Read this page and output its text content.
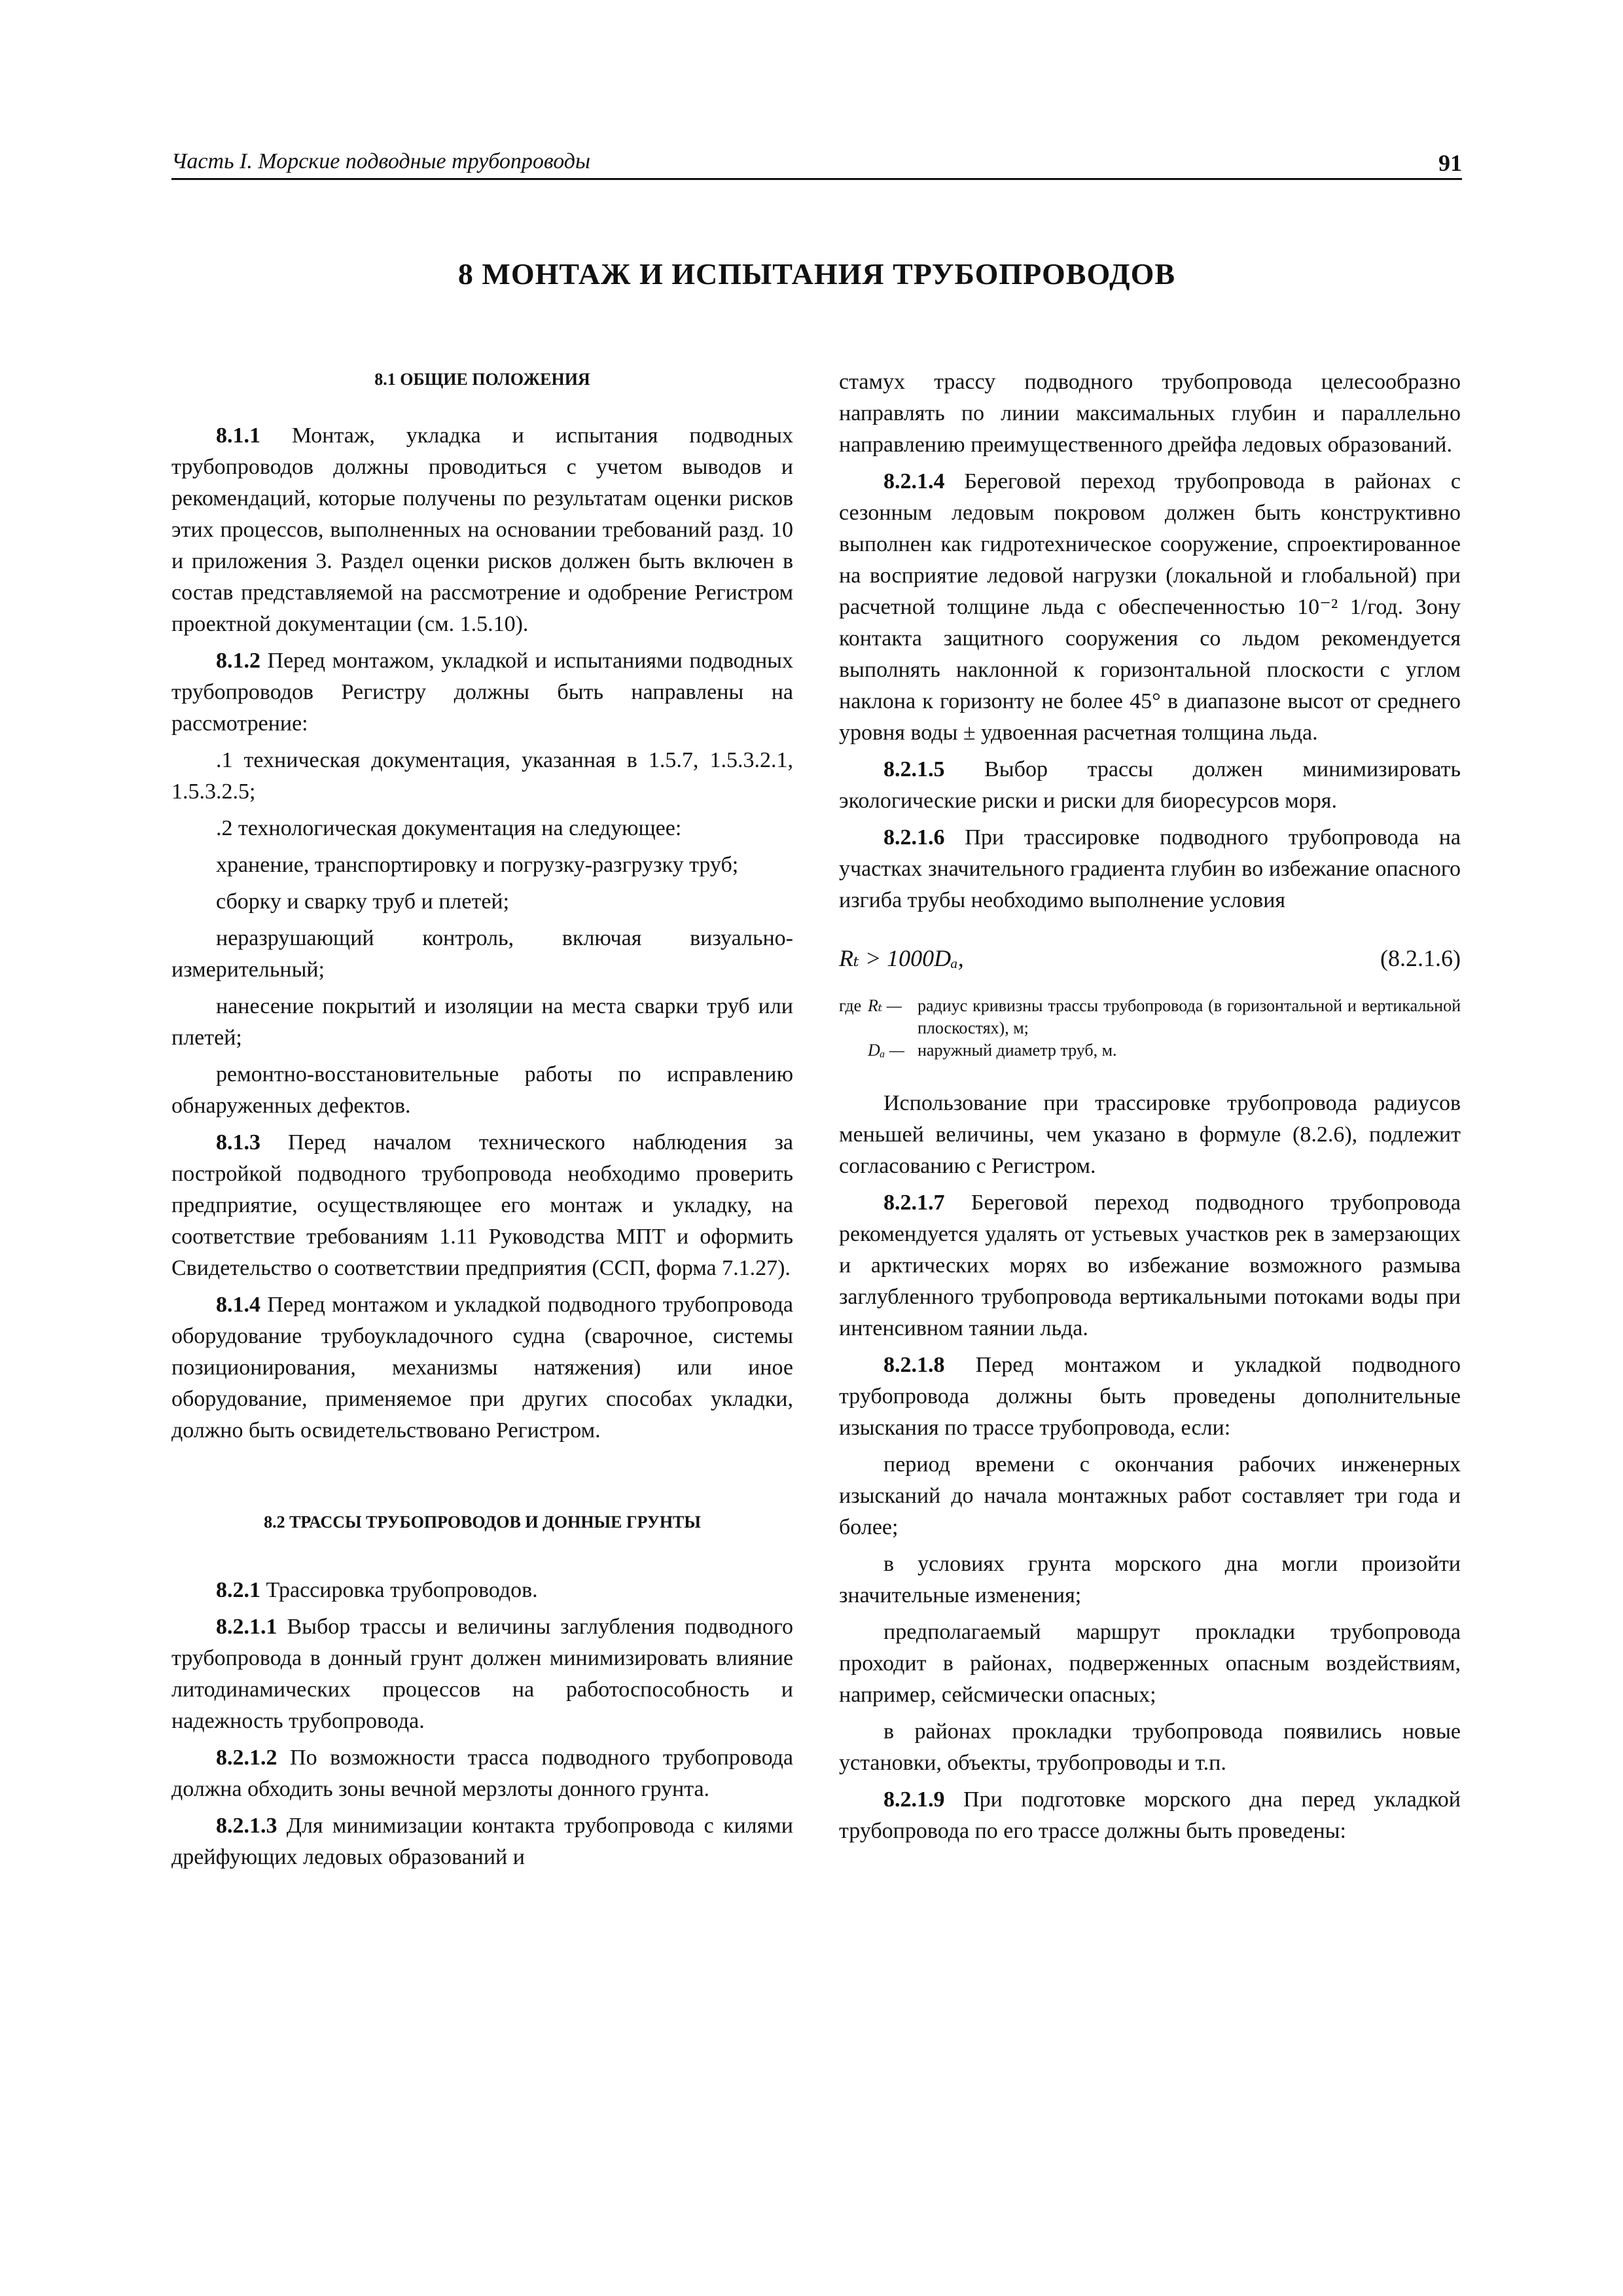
Часть I. Морские подводные трубопроводы	91
8 МОНТАЖ И ИСПЫТАНИЯ ТРУБОПРОВОДОВ

8.1 ОБЩИЕ ПОЛОЖЕНИЯ

8.1.1 Монтаж, укладка и испытания подводных трубопроводов должны проводиться с учетом выводов и рекомендаций, которые получены по результатам оценки рисков этих процессов, выполненных на основании требований разд. 10 и приложения 3. Раздел оценки рисков должен быть включен в состав представляемой на рассмотрение и одобрение Регистром проектной документации (см. 1.5.10).

8.1.2 Перед монтажом, укладкой и испытаниями подводных трубопроводов Регистру должны быть направлены на рассмотрение:

.1 техническая документация, указанная в 1.5.7, 1.5.3.2.1, 1.5.3.2.5;

.2 технологическая документация на следующее:

хранение, транспортировку и погрузку-разгрузку труб;

сборку и сварку труб и плетей;

неразрушающий контроль, включая визуально-измерительный;

нанесение покрытий и изоляции на места сварки труб или плетей;

ремонтно-восстановительные работы по исправлению обнаруженных дефектов.

8.1.3 Перед началом технического наблюдения за постройкой подводного трубопровода необходимо проверить предприятие, осуществляющее его монтаж и укладку, на соответствие требованиям 1.11 Руководства МПТ и оформить Свидетельство о соответствии предприятия (ССП, форма 7.1.27).

8.1.4 Перед монтажом и укладкой подводного трубопровода оборудование трубоукладочного судна (сварочное, системы позиционирования, механизмы натяжения) или иное оборудование, применяемое при других способах укладки, должно быть освидетельствовано Регистром.

8.2 ТРАССЫ ТРУБОПРОВОДОВ И ДОННЫЕ ГРУНТЫ

8.2.1 Трассировка трубопроводов.

8.2.1.1 Выбор трассы и величины заглубления подводного трубопровода в донный грунт должен минимизировать влияние литодинамических процессов на работоспособность и надежность трубопровода.

8.2.1.2 По возможности трасса подводного трубопровода должна обходить зоны вечной мерзлоты донного грунта.

8.2.1.3 Для минимизации контакта трубопровода с килями дрейфующих ледовых образований и

стамух трассу подводного трубопровода целесообразно направлять по линии максимальных глубин и параллельно направлению преимущественного дрейфа ледовых образований.

8.2.1.4 Береговой переход трубопровода в районах с сезонным ледовым покровом должен быть конструктивно выполнен как гидротехническое сооружение, спроектированное на восприятие ледовой нагрузки (локальной и глобальной) при расчетной толщине льда с обеспеченностью 10⁻² 1/год. Зону контакта защитного сооружения со льдом рекомендуется выполнять наклонной к горизонтальной плоскости с углом наклона к горизонту не более 45° в диапазоне высот от среднего уровня воды ± удвоенная расчетная толщина льда.

8.2.1.5 Выбор трассы должен минимизировать экологические риски и риски для биоресурсов моря.

8.2.1.6 При трассировке подводного трубопровода на участках значительного градиента глубин во избежание опасного изгиба трубы необходимо выполнение условия

Rₜ > 1000Dₐ,	(8.2.1.6)
где Rₜ — радиус кривизны трассы трубопровода (в горизонтальной и вертикальной плоскостях), м;
Dₐ — наружный диаметр труб, м.

Использование при трассировке трубопровода радиусов меньшей величины, чем указано в формуле (8.2.6), подлежит согласованию с Регистром.

8.2.1.7 Береговой переход подводного трубопровода рекомендуется удалять от устьевых участков рек в замерзающих и арктических морях во избежание возможного размыва заглубленного трубопровода вертикальными потоками воды при интенсивном таянии льда.

8.2.1.8 Перед монтажом и укладкой подводного трубопровода должны быть проведены дополнительные изыскания по трассе трубопровода, если:

период времени с окончания рабочих инженерных изысканий до начала монтажных работ составляет три года и более;

в условиях грунта морского дна могли произойти значительные изменения;

предполагаемый маршрут прокладки трубопровода проходит в районах, подверженных опасным воздействиям, например, сейсмически опасных;

в районах прокладки трубопровода появились новые установки, объекты, трубопроводы и т.п.

8.2.1.9 При подготовке морского дна перед укладкой трубопровода по его трассе должны быть проведены:
